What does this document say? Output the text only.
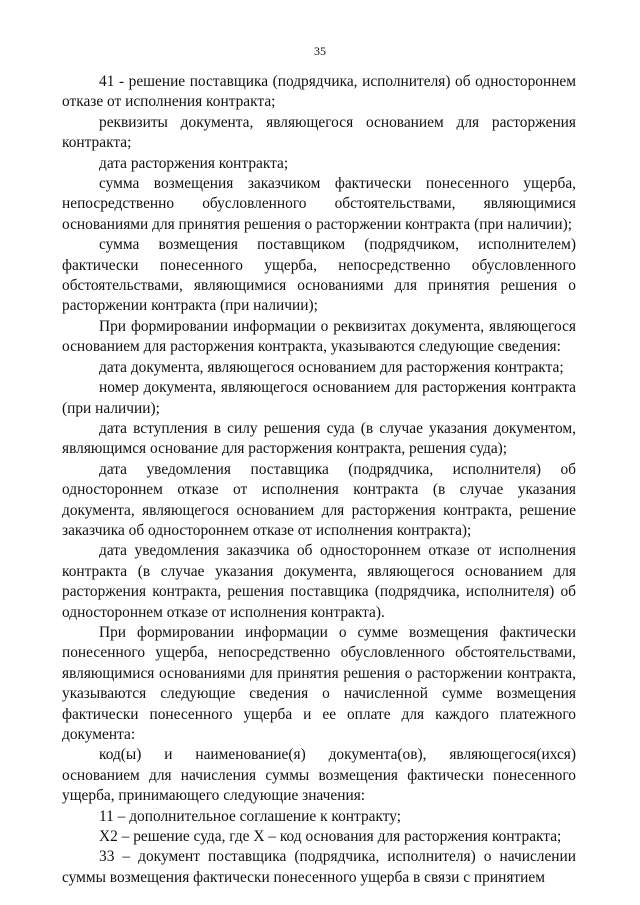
35

41 - решение поставщика (подрядчика, исполнителя) об одностороннем отказе от исполнения контракта;

реквизиты документа, являющегося основанием для расторжения контракта;

дата расторжения контракта;

сумма возмещения заказчиком фактически понесенного ущерба, непосредственно обусловленного обстоятельствами, являющимися основаниями для принятия решения о расторжении контракта (при наличии);

сумма возмещения поставщиком (подрядчиком, исполнителем) фактически понесенного ущерба, непосредственно обусловленного обстоятельствами, являющимися основаниями для принятия решения о расторжении контракта (при наличии);

При формировании информации о реквизитах документа, являющегося основанием для расторжения контракта, указываются следующие сведения:

дата документа, являющегося основанием для расторжения контракта;

номер документа, являющегося основанием для расторжения контракта (при наличии);

дата вступления в силу решения суда (в случае указания документом, являющимся основание для расторжения контракта, решения суда);

дата уведомления поставщика (подрядчика, исполнителя) об одностороннем отказе от исполнения контракта (в случае указания документа, являющегося основанием для расторжения контракта, решение заказчика об одностороннем отказе от исполнения контракта);

дата уведомления заказчика об одностороннем отказе от исполнения контракта (в случае указания документа, являющегося основанием для расторжения контракта, решения поставщика (подрядчика, исполнителя) об одностороннем отказе от исполнения контракта).

При формировании информации о сумме возмещения фактически понесенного ущерба, непосредственно обусловленного обстоятельствами, являющимися основаниями для принятия решения о расторжении контракта, указываются следующие сведения о начисленной сумме возмещения фактически понесенного ущерба и ее оплате для каждого платежного документа:

код(ы) и наименование(я) документа(ов), являющегося(ихся) основанием для начисления суммы возмещения фактически понесенного ущерба, принимающего следующие значения:

11 – дополнительное соглашение к контракту;

X2 – решение суда, где X – код основания для расторжения контракта;

33 – документ поставщика (подрядчика, исполнителя) о начислении суммы возмещения фактически понесенного ущерба в связи с принятием
